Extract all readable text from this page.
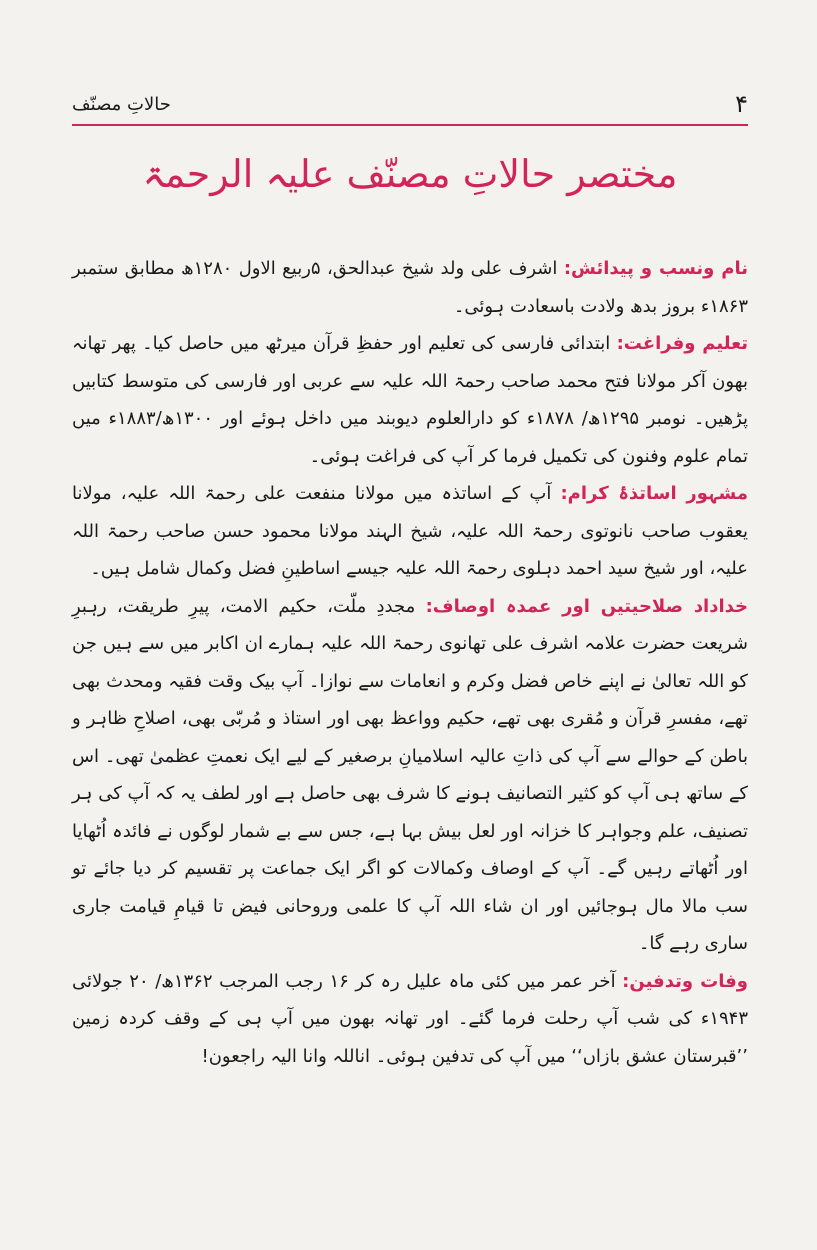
حالاتِ مصنّف	۴
مختصر حالاتِ مصنّف علیہ الرحمۃ

نام ونسب و پیدائش: اشرف علی ولد شیخ عبدالحق، ۵ربیع الاول ۱۲۸۰ھ مطابق ستمبر ۱۸۶۳ء بروز بدھ ولادت باسعادت ہوئی۔

تعلیم وفراغت: ابتدائی فارسی کی تعلیم اور حفظِ قرآن میرٹھ میں حاصل کیا۔ پھر تھانہ بھون آکر مولانا فتح محمد صاحب رحمۃ اللہ علیہ سے عربی اور فارسی کی متوسط کتابیں پڑھیں۔ نومبر ۱۲۹۵ھ/ ۱۸۷۸ء کو دارالعلوم دیوبند میں داخل ہوئے اور ۱۳۰۰ھ/۱۸۸۳ء میں تمام علوم وفنون کی تکمیل فرما کر آپ کی فراغت ہوئی۔

مشہور اساتذۂ کرام: آپ کے اساتذہ میں مولانا منفعت علی رحمۃ اللہ علیہ، مولانا یعقوب صاحب نانوتوی رحمۃ اللہ علیہ، شیخ الہند مولانا محمود حسن صاحب رحمۃ اللہ علیہ، اور شیخ سید احمد دہلوی رحمۃ اللہ علیہ جیسے اساطینِ فضل وکمال شامل ہیں۔

خداداد صلاحیتیں اور عمدہ اوصاف: مجددِ ملّت، حکیم الامت، پیرِ طریقت، رہبرِ شریعت حضرت علامہ اشرف علی تھانوی رحمۃ اللہ علیہ ہمارے ان اکابر میں سے ہیں جن کو اللہ تعالیٰ نے اپنے خاص فضل وکرم و انعامات سے نوازا۔ آپ بیک وقت فقیہ ومحدث بھی تھے، مفسرِ قرآن و مُقری بھی تھے، حکیم وواعظ بھی اور استاذ و مُربّی بھی، اصلاحِ ظاہر و باطن کے حوالے سے آپ کی ذاتِ عالیہ اسلامیانِ برصغیر کے لیے ایک نعمتِ عظمیٰ تھی۔ اس کے ساتھ ہی آپ کو کثیر التصانیف ہونے کا شرف بھی حاصل ہے اور لطف یہ کہ آپ کی ہر تصنیف، علم وجواہر کا خزانہ اور لعل بیش بہا ہے، جس سے بے شمار لوگوں نے فائدہ اُٹھایا اور اُٹھاتے رہیں گے۔ آپ کے اوصاف وکمالات کو اگر ایک جماعت پر تقسیم کر دیا جائے تو سب مالا مال ہوجائیں اور ان شاء اللہ آپ کا علمی وروحانی فیض تا قیامِ قیامت جاری ساری رہے گا۔

وفات وتدفین: آخر عمر میں کئی ماہ علیل رہ کر ۱۶ رجب المرجب ۱۳۶۲ھ/ ۲۰ جولائی ۱۹۴۳ء کی شب آپ رحلت فرما گئے۔ اور تھانہ بھون میں آپ ہی کے وقف کردہ زمین ’’قبرستان عشق بازاں‘‘ میں آپ کی تدفین ہوئی۔ اناللہ وانا الیہ راجعون!
